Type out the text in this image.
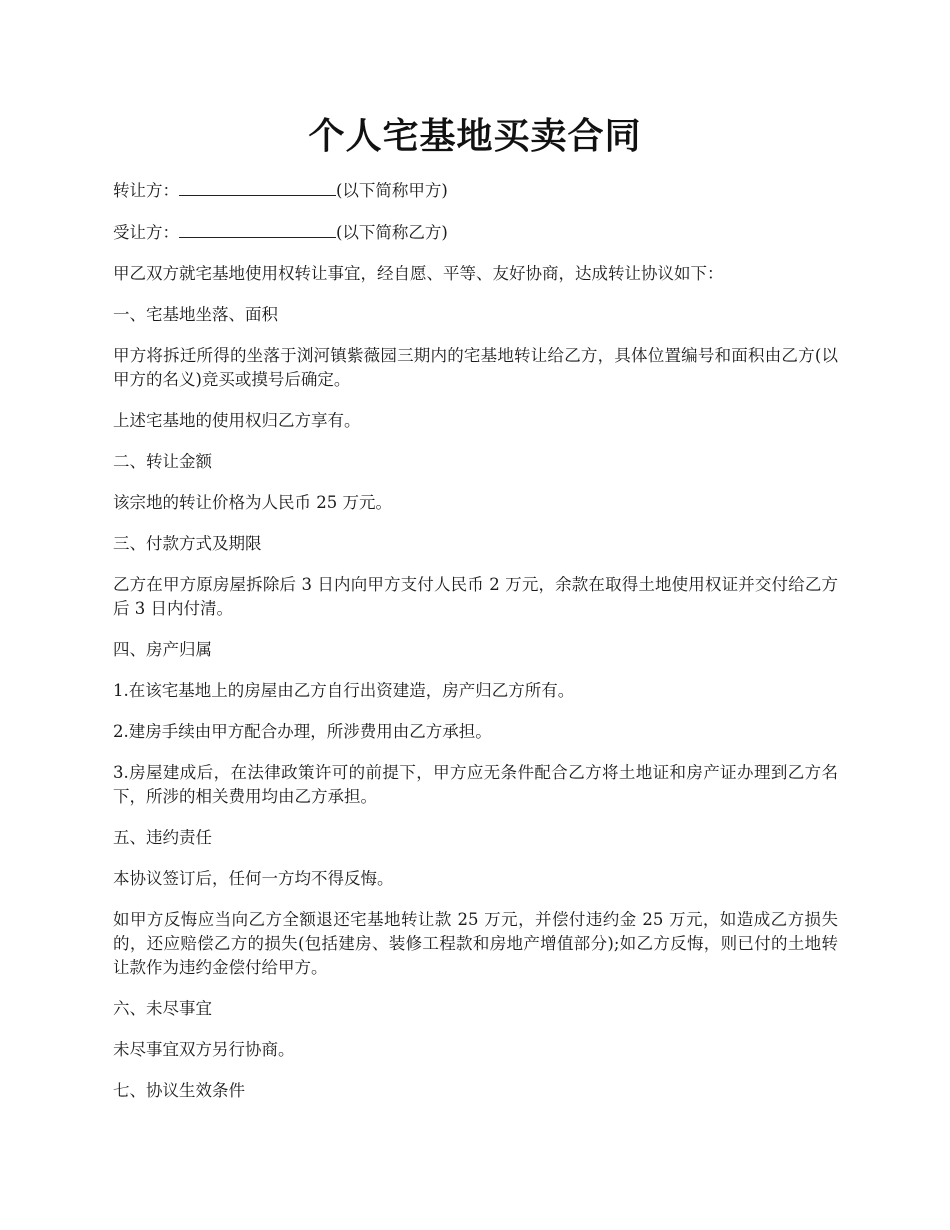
个人宅基地买卖合同

转让方：	(以下简称甲方)

受让方：	(以下简称乙方)

甲乙双方就宅基地使用权转让事宜，经自愿、平等、友好协商，达成转让协议如下：

一、宅基地坐落、面积

甲方将拆迁所得的坐落于浏河镇紫薇园三期内的宅基地转让给乙方，具体位置编号和面积由乙方(以甲方的名义)竞买或摸号后确定。

上述宅基地的使用权归乙方享有。

二、转让金额

该宗地的转让价格为人民币 25 万元。

三、付款方式及期限

乙方在甲方原房屋拆除后 3 日内向甲方支付人民币 2 万元，余款在取得土地使用权证并交付给乙方后 3 日内付清。

四、房产归属

1.在该宅基地上的房屋由乙方自行出资建造，房产归乙方所有。

2.建房手续由甲方配合办理，所涉费用由乙方承担。

3.房屋建成后，在法律政策许可的前提下，甲方应无条件配合乙方将土地证和房产证办理到乙方名下，所涉的相关费用均由乙方承担。

五、违约责任

本协议签订后，任何一方均不得反悔。

如甲方反悔应当向乙方全额退还宅基地转让款 25 万元，并偿付违约金 25 万元，如造成乙方损失的，还应赔偿乙方的损失(包括建房、装修工程款和房地产增值部分);如乙方反悔，则已付的土地转让款作为违约金偿付给甲方。

六、未尽事宜

未尽事宜双方另行协商。

七、协议生效条件
